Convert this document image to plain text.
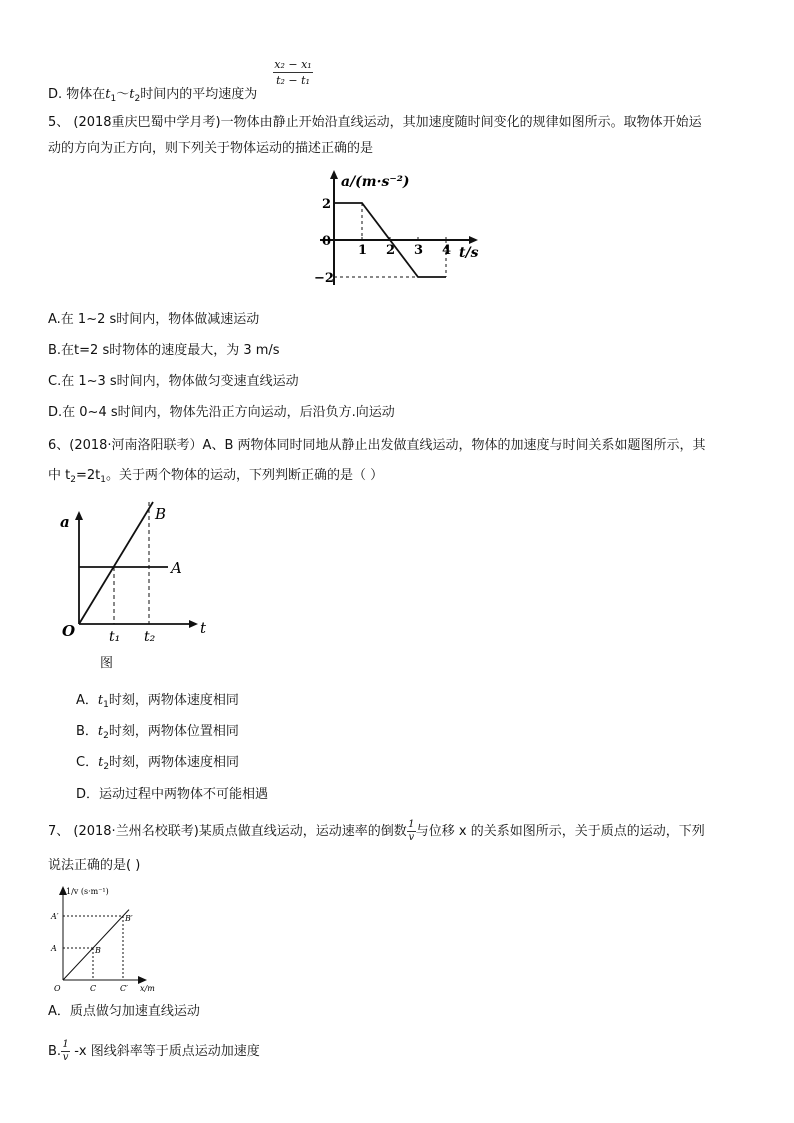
D. 物体在$t_1\sim t_2$时间内的平均速度为
x₂ − x₁
t₂ − t₁
5、 (2018重庆巴蜀中学月考)一物体由静止开始沿直线运动，其加速度随时间变化的规律如图所示。取物体开始运
动的方向为正方向，则下列关于物体运动的描述正确的是
a/(m·s⁻²)
t/s
1 2 3 4
2
0
−2
A.在 1~2 s时间内，物体做减速运动
B.在t=2 s时物体的速度最大，为 3 m/s
C.在 1~3 s时间内，物体做匀变速直线运动
D.在 0~4 s时间内，物体先沿正方向运动，后沿负方.向运动
6、(2018·河南洛阳联考）A、B 两物体同时同地从静止出发做直线运动，物体的加速度与时间关系如题图所示，其
中 $t_2=2t_1$。关于两个物体的运动，下列判断正确的是（ ）
a
t
O
A
B
t₁ t₂
图
A．$t_1$时刻，两物体速度相同
B．$t_2$时刻，两物体位置相同
C．$t_2$时刻，两物体速度相同
D．运动过程中两物体不可能相遇
7、 (2018·兰州名校联考)某质点做直线运动，运动速率的倒数 $\frac{1}{v}$ 与位移 x 的关系如图所示，关于质点的运动，下列
说法正确的是( )
1/v (s·m⁻¹)
x/m
O	C
A	B
C′
A′	B′
A．质点做匀加速直线运动
B. $\frac{1}{v} -x$ 图线斜率等于质点运动加速度
